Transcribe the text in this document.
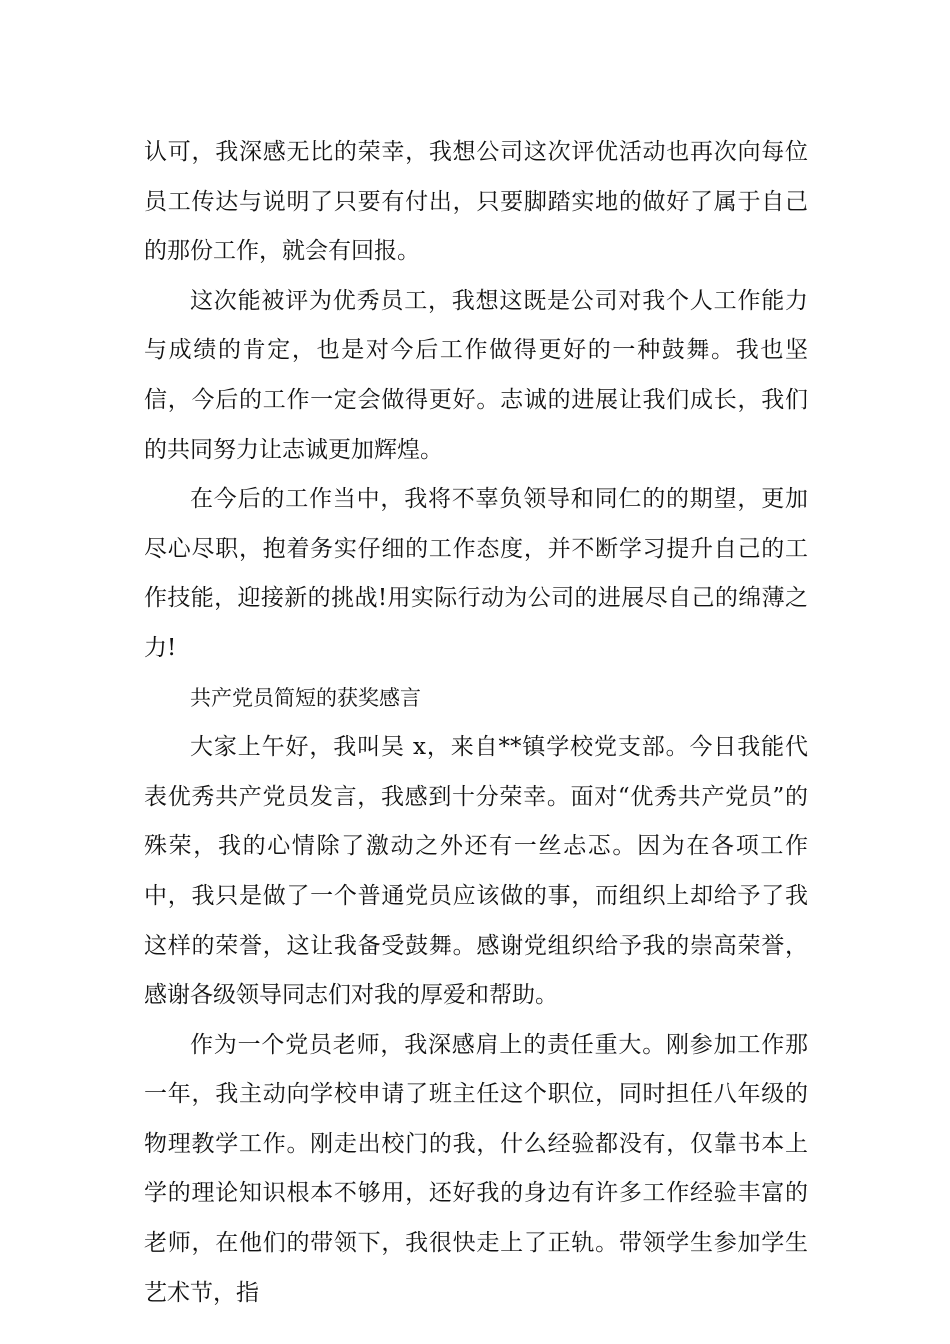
认可，我深感无比的荣幸，我想公司这次评优活动也再次向每位员工传达与说明了只要有付出，只要脚踏实地的做好了属于自己的那份工作，就会有回报。

这次能被评为优秀员工，我想这既是公司对我个人工作能力与成绩的肯定，也是对今后工作做得更好的一种鼓舞。我也坚信，今后的工作一定会做得更好。志诚的进展让我们成长，我们的共同努力让志诚更加辉煌。

在今后的工作当中，我将不辜负领导和同仁的的期望，更加尽心尽职，抱着务实仔细的工作态度，并不断学习提升自己的工作技能，迎接新的挑战!用实际行动为公司的进展尽自己的绵薄之力!

共产党员简短的获奖感言

大家上午好，我叫吴 x，来自**镇学校党支部。今日我能代表优秀共产党员发言，我感到十分荣幸。面对“优秀共产党员”的殊荣，我的心情除了激动之外还有一丝忐忑。因为在各项工作中，我只是做了一个普通党员应该做的事，而组织上却给予了我这样的荣誉，这让我备受鼓舞。感谢党组织给予我的崇高荣誉，感谢各级领导同志们对我的厚爱和帮助。

作为一个党员老师，我深感肩上的责任重大。刚参加工作那一年，我主动向学校申请了班主任这个职位，同时担任八年级的物理教学工作。刚走出校门的我，什么经验都没有，仅靠书本上学的理论知识根本不够用，还好我的身边有许多工作经验丰富的老师，在他们的带领下，我很快走上了正轨。带领学生参加学生艺术节，指
